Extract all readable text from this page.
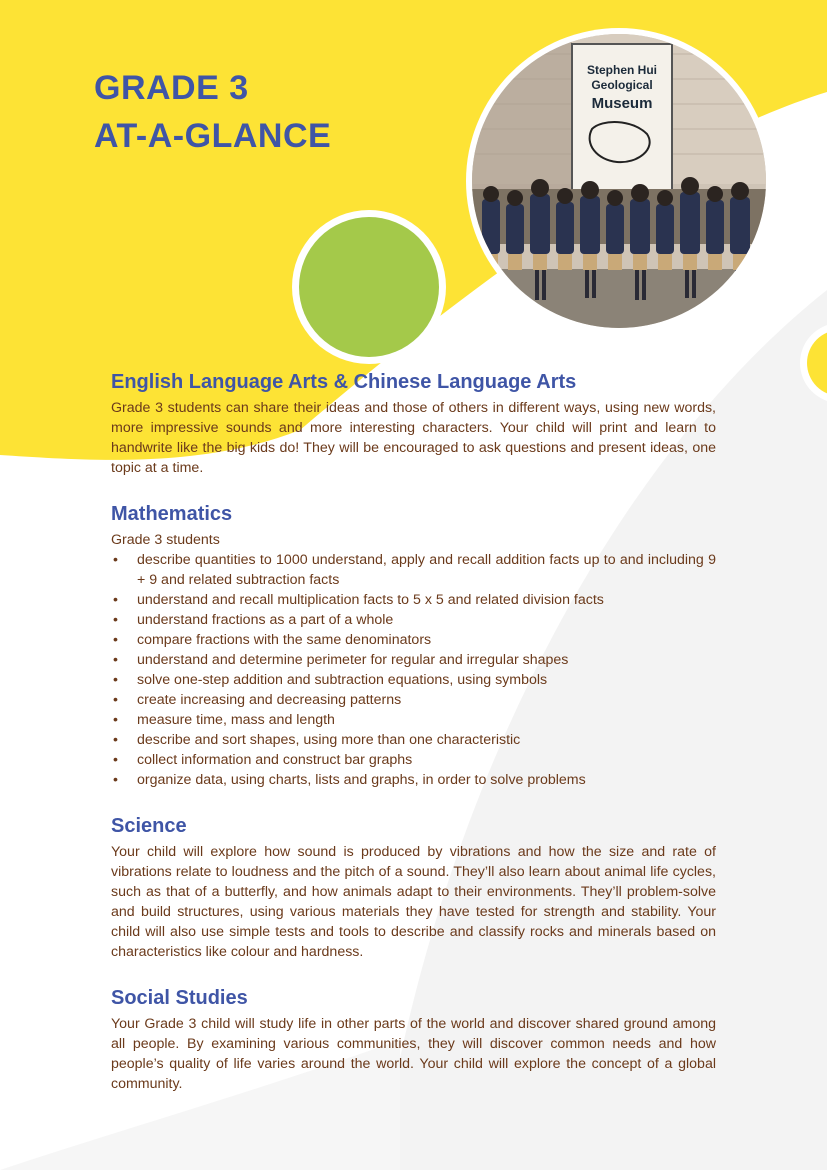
GRADE 3
AT-A-GLANCE
Stephen Hui
Geological
Museum
English Language Arts & Chinese Language Arts

Grade 3 students can share their ideas and those of others in different ways, using new words, more impressive sounds and more interesting characters. Your child will print and learn to handwrite like the big kids do! They will be encouraged to ask questions and present ideas, one topic at a time.

Mathematics

Grade 3 students

• describe quantities to 1000 understand, apply and recall addition facts up to and including 9 + 9 and related subtraction facts
• understand and recall multiplication facts to 5 x 5 and related division facts
• understand fractions as a part of a whole
• compare fractions with the same denominators
• understand and determine perimeter for regular and irregular shapes
• solve one-step addition and subtraction equations, using symbols
• create increasing and decreasing patterns
• measure time, mass and length
• describe and sort shapes, using more than one characteristic
• collect information and construct bar graphs
• organize data, using charts, lists and graphs, in order to solve problems
Science

Your child will explore how sound is produced by vibrations and how the size and rate of vibrations relate to loudness and the pitch of a sound. They’ll also learn about animal life cycles, such as that of a butterfly, and how animals adapt to their environments. They’ll problem-solve and build structures, using various materials they have tested for strength and stability. Your child will also use simple tests and tools to describe and classify rocks and minerals based on characteristics like colour and hardness.

Social Studies

Your Grade 3 child will study life in other parts of the world and discover shared ground among all people. By examining various communities, they will discover common needs and how people’s quality of life varies around the world. Your child will explore the concept of a global community.
